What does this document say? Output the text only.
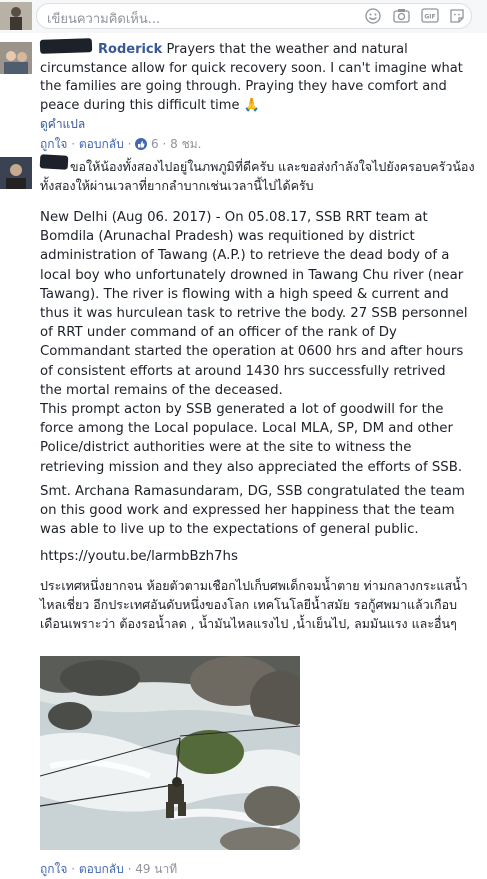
เขียนความคิดเห็น...	GIF
Roderick Prayers that the weather and natural circumstance allow for quick recovery soon. I can't imagine what the families are going through. Praying they have comfort and peace during this difficult time 🙏
ดูคำแปล
ถูกใจ · ตอบกลับ ·
6 · 8 ชม.
ขอให้น้องทั้งสองไปอยู่ในภพภูมิที่ดีครับ และขอส่งกำลังใจไปยังครอบครัวน้องทั้งสองให้ผ่านเวลาที่ยากลำบากเช่นเวลานี้ไปได้ครับ

New Delhi (Aug 06. 2017) - On 05.08.17, SSB RRT team at Bomdila (Arunachal Pradesh) was requitioned by district administration of Tawang (A.P.) to retrieve the dead body of a local boy who unfortunately drowned in Tawang Chu river (near Tawang). The river is flowing with a high speed & current and thus it was hurculean task to retrive the body. 27 SSB personnel of RRT under command of an officer of the rank of Dy Commandant started the operation at 0600 hrs and after hours of consistent efforts at around 1430 hrs successfully retrived the mortal remains of the deceased.

This prompt acton by SSB generated a lot of goodwill for the force among the Local populace. Local MLA, SP, DM and other Police/district authorities were at the site to witness the retrieving mission and they also appreciated the efforts of SSB.

Smt. Archana Ramasundaram, DG, SSB congratulated the team on this good work and expressed her happiness that the team was able to live up to the expectations of general public.

https://youtu.be/larmbBzh7hs

ประเทศหนึ่งยากจน ห้อยตัวตามเชือกไปเก็บศพเด็กจมน้ำตาย ท่ามกลางกระแสน้ำไหลเชี่ยว อีกประเทศอันดับหนึ่งของโลก เทคโนโลยีน้ำสมัย รอกู้ศพมาแล้วเกือบเดือนเพราะว่า ต้องรอน้ำลด , น้ำมันไหลแรงไป ,น้ำเย็นไป, ลมมันแรง และอื่นๆ

ถูกใจ · ตอบกลับ · 49 นาที
